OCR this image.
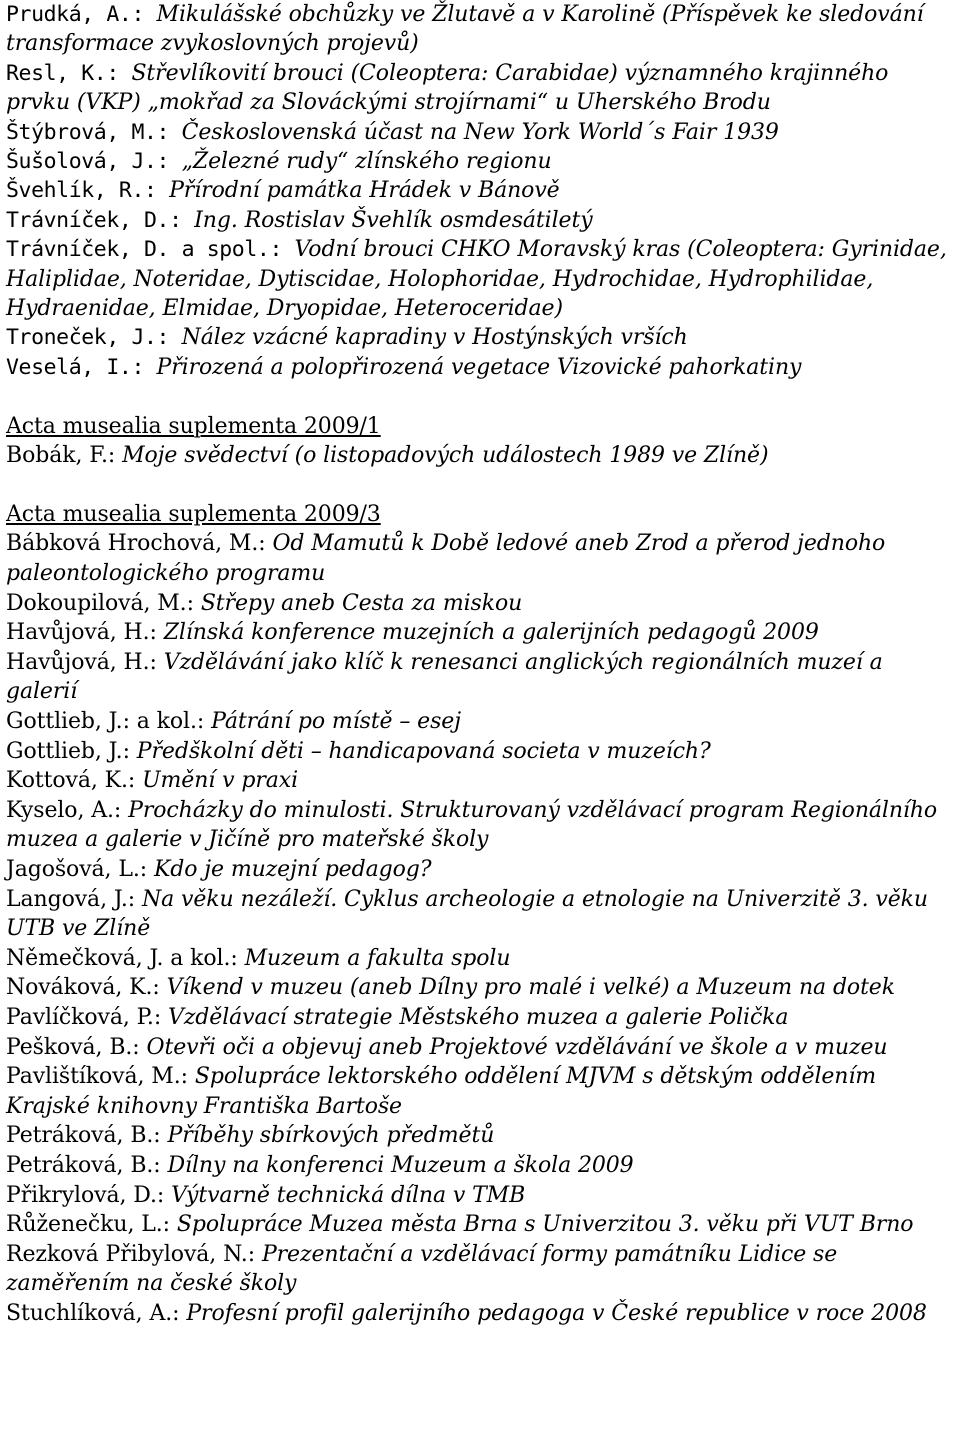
Prudká, A.: Mikulášské obchůzky ve Žlutavě a v Karolině (Příspěvek ke sledování transformace zvykoslovných projevů)

Resl, K.: Střevlíkovití brouci (Coleoptera: Carabidae) významného krajinného prvku (VKP) „mokřad za Slováckými strojírnami“ u Uherského Brodu

Štýbrová, M.: Československá účast na New York World´s Fair 1939

Šušolová, J.: „Železné rudy“ zlínského regionu

Švehlík, R.: Přírodní památka Hrádek v Bánově

Trávníček, D.: Ing. Rostislav Švehlík osmdesátiletý

Trávníček, D. a spol.: Vodní brouci CHKO Moravský kras (Coleoptera: Gyrinidae, Haliplidae, Noteridae, Dytiscidae, Holophoridae, Hydrochidae, Hydrophilidae, Hydraenidae, Elmidae, Dryopidae, Heteroceridae)

Troneček, J.: Nález vzácné kapradiny v Hostýnských vrších

Veselá, I.: Přirozená a polopřirozená vegetace Vizovické pahorkatiny

Acta musealia suplementa 2009/1

Bobák, F.: Moje svědectví (o listopadových událostech 1989 ve Zlíně)

Acta musealia suplementa 2009/3

Bábková Hrochová, M.: Od Mamutů k Době ledové aneb Zrod a přerod jednoho paleontologického programu

Dokoupilová, M.: Střepy aneb Cesta za miskou

Havůjová, H.: Zlínská konference muzejních a galerijních pedagogů 2009

Havůjová, H.: Vzdělávání jako klíč k renesanci anglických regionálních muzeí a galerií

Gottlieb, J.: a kol.: Pátrání po místě – esej

Gottlieb, J.: Předškolní děti – handicapovaná societa v muzeích?

Kottová, K.: Umění v praxi

Kyselo, A.: Procházky do minulosti. Strukturovaný vzdělávací program Regionálního muzea a galerie v Jičíně pro mateřské školy

Jagošová, L.: Kdo je muzejní pedagog?

Langová, J.: Na věku nezáleží. Cyklus archeologie a etnologie na Univerzitě 3. věku UTB ve Zlíně

Němečková, J. a kol.: Muzeum a fakulta spolu

Nováková, K.: Víkend v muzeu (aneb Dílny pro malé i velké) a Muzeum na dotek

Pavlíčková, P.: Vzdělávací strategie Městského muzea a galerie Polička

Pešková, B.: Otevři oči a objevuj aneb Projektové vzdělávání ve škole a v muzeu

Pavlištíková, M.: Spolupráce lektorského oddělení MJVM s dětským oddělením Krajské knihovny Františka Bartoše

Petráková, B.: Příběhy sbírkových předmětů

Petráková, B.: Dílny na konferenci Muzeum a škola 2009

Přikrylová, D.: Výtvarně technická dílna v TMB

Růženečku, L.: Spolupráce Muzea města Brna s Univerzitou 3. věku při VUT Brno

Rezková Přibylová, N.: Prezentační a vzdělávací formy památníku Lidice se zaměřením na české školy

Stuchlíková, A.: Profesní profil galerijního pedagoga v České republice v roce 2008
